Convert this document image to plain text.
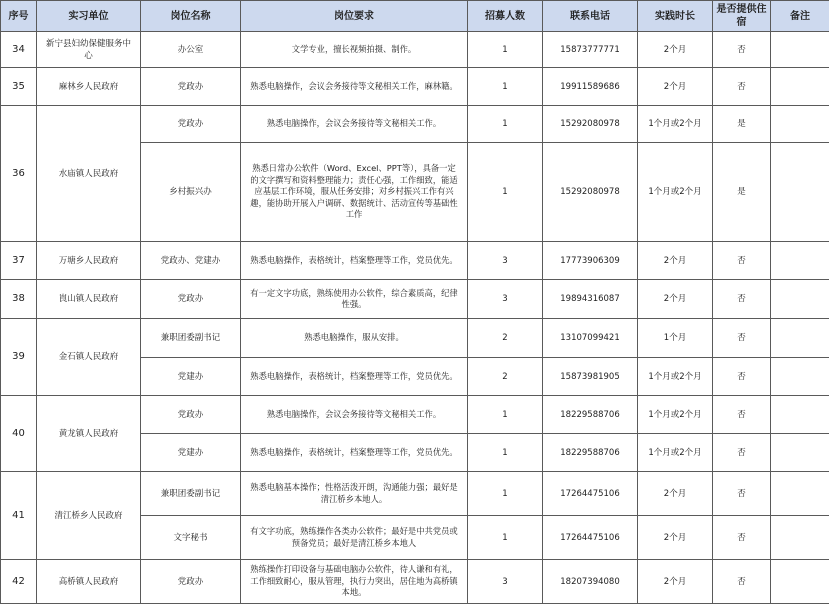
序号	实习单位	岗位名称	岗位要求	招募人数	联系电话	实践时长	是否提供住宿	备注
34	新宁县妇幼保健服务中心	办公室	文学专业，擅长视频拍摄、制作。	1	15873777771	2个月	否	
35	麻林乡人民政府	党政办	熟悉电脑操作，会议会务接待等文秘相关工作，麻林籍。	1	19911589686	2个月	否	
36	水庙镇人民政府	党政办	熟悉电脑操作，会议会务接待等文秘相关工作。	1	15292080978	1个月或2个月	是	
		乡村振兴办	熟悉日常办公软件（Word、Excel、PPT等），具备一定的文字撰写和资料整理能力；责任心强，工作细致，能适应基层工作环境，服从任务安排；对乡村振兴工作有兴趣，能协助开展入户调研、数据统计、活动宣传等基础性工作	1	15292080978	1个月或2个月	是	
37	万塘乡人民政府	党政办、党建办	熟悉电脑操作，表格统计，档案整理等工作，党员优先。	3	17773906309	2个月	否	
38	崀山镇人民政府	党政办	有一定文字功底，熟练使用办公软件，综合素质高，纪律性强。	3	19894316087	2个月	否	
39	金石镇人民政府	兼职团委副书记	熟悉电脑操作，服从安排。	2	13107099421	1个月	否	
		党建办	熟悉电脑操作，表格统计，档案整理等工作，党员优先。	2	15873981905	1个月或2个月	否	
40	黄龙镇人民政府	党政办	熟悉电脑操作，会议会务接待等文秘相关工作。	1	18229588706	1个月或2个月	否	
		党建办	熟悉电脑操作，表格统计，档案整理等工作，党员优先。	1	18229588706	1个月或2个月	否	
41	清江桥乡人民政府	兼职团委副书记	熟悉电脑基本操作；性格活泼开朗，沟通能力强；最好是清江桥乡本地人。	1	17264475106	2个月	否	
		文字秘书	有文字功底，熟练操作各类办公软件；最好是中共党员或预备党员；最好是清江桥乡本地人	1	17264475106	2个月	否	
42	高桥镇人民政府	党政办	熟练操作打印设备与基础电脑办公软件，待人谦和有礼，工作细致耐心，服从管理，执行力突出，居住地为高桥镇本地。	3	18207394080	2个月	否	
